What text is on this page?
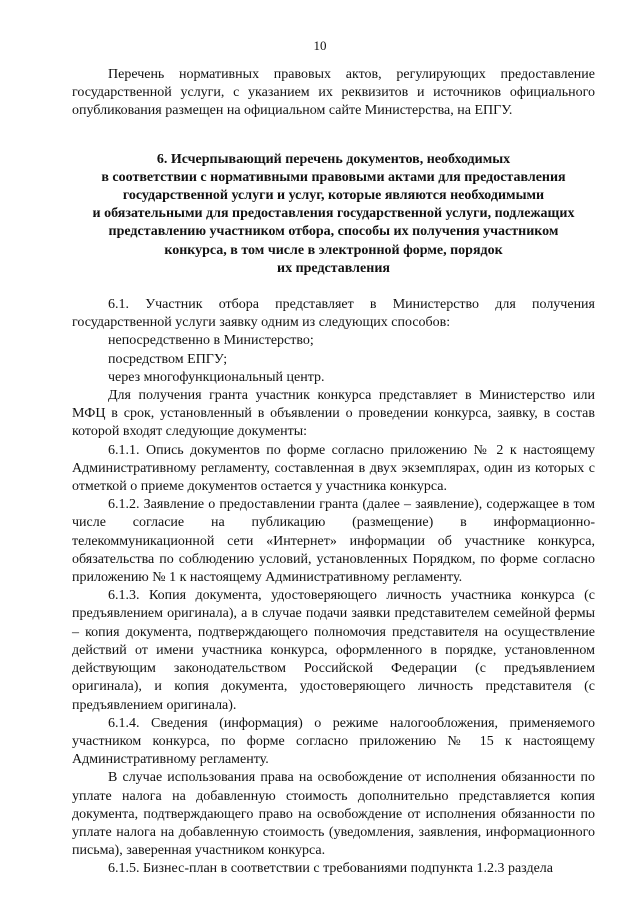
10

Перечень нормативных правовых актов, регулирующих предоставление государственной услуги, с указанием их реквизитов и источников официального опубликования размещен на официальном сайте Министерства, на ЕПГУ.

6. Исчерпывающий перечень документов, необходимых
в соответствии с нормативными правовыми актами для предоставления
государственной услуги и услуг, которые являются необходимыми
и обязательными для предоставления государственной услуги, подлежащих
представлению участником отбора, способы их получения участником
конкурса, в том числе в электронной форме, порядок
их представления

6.1. Участник отбора представляет в Министерство для получения государственной услуги заявку одним из следующих способов:

непосредственно в Министерство;

посредством ЕПГУ;

через многофункциональный центр.

Для получения гранта участник конкурса представляет в Министерство или МФЦ в срок, установленный в объявлении о проведении конкурса, заявку, в состав которой входят следующие документы:

6.1.1. Опись документов по форме согласно приложению № 2 к настоящему Административному регламенту, составленная в двух экземплярах, один из которых с отметкой о приеме документов остается у участника конкурса.

6.1.2. Заявление о предоставлении гранта (далее – заявление), содержащее в том числе согласие на публикацию (размещение) в информационно-телекоммуникационной сети «Интернет» информации об участнике конкурса, обязательства по соблюдению условий, установленных Порядком, по форме согласно приложению № 1 к настоящему Административному регламенту.

6.1.3. Копия документа, удостоверяющего личность участника конкурса (с предъявлением оригинала), а в случае подачи заявки представителем семейной фермы – копия документа, подтверждающего полномочия представителя на осуществление действий от имени участника конкурса, оформленного в порядке, установленном действующим законодательством Российской Федерации (с предъявлением оригинала), и копия документа, удостоверяющего личность представителя (с предъявлением оригинала).

6.1.4. Сведения (информация) о режиме налогообложения, применяемого участником конкурса, по форме согласно приложению № 15 к настоящему Административному регламенту.

В случае использования права на освобождение от исполнения обязанности по уплате налога на добавленную стоимость дополнительно представляется копия документа, подтверждающего право на освобождение от исполнения обязанности по уплате налога на добавленную стоимость (уведомления, заявления, информационного письма), заверенная участником конкурса.

6.1.5. Бизнес-план в соответствии с требованиями подпункта 1.2.3 раздела
